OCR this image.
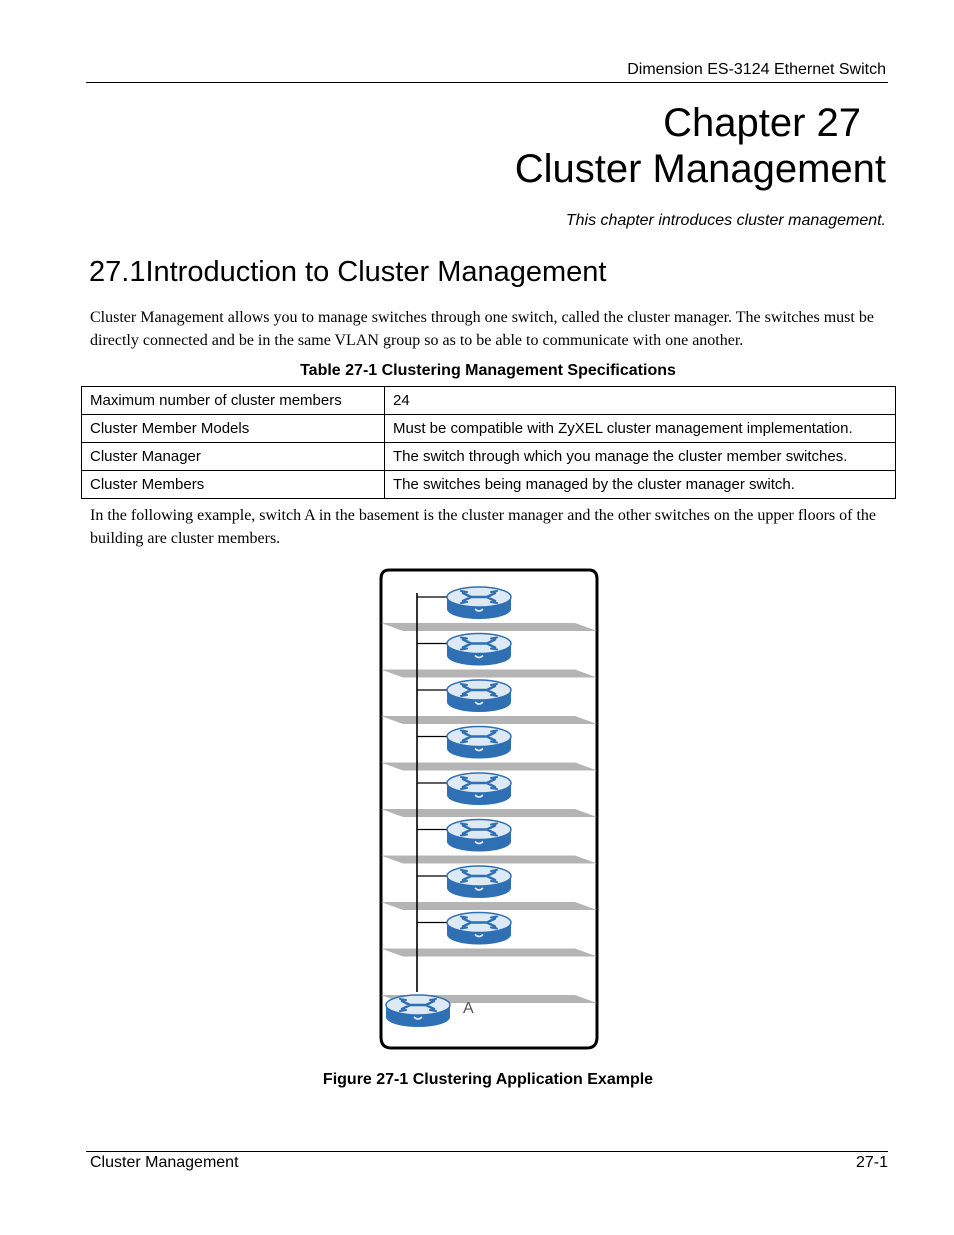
Dimension ES-3124 Ethernet Switch
Chapter 27
Cluster Management
This chapter introduces cluster management.
27.1Introduction to Cluster Management
Cluster Management allows you to manage switches through one switch, called the cluster manager. The switches must be directly connected and be in the same VLAN group so as to be able to communicate with one another.
Table 27-1 Clustering Management Specifications
Maximum number of cluster members	24
Cluster Member Models	Must be compatible with ZyXEL cluster management implementation.
Cluster Manager	The switch through which you manage the cluster member switches.
Cluster Members	The switches being managed by the cluster manager switch.
In the following example, switch A in the basement is the cluster manager and the other switches on the upper floors of the building are cluster members.
A
Figure 27-1 Clustering Application Example
Cluster Management	27-1
